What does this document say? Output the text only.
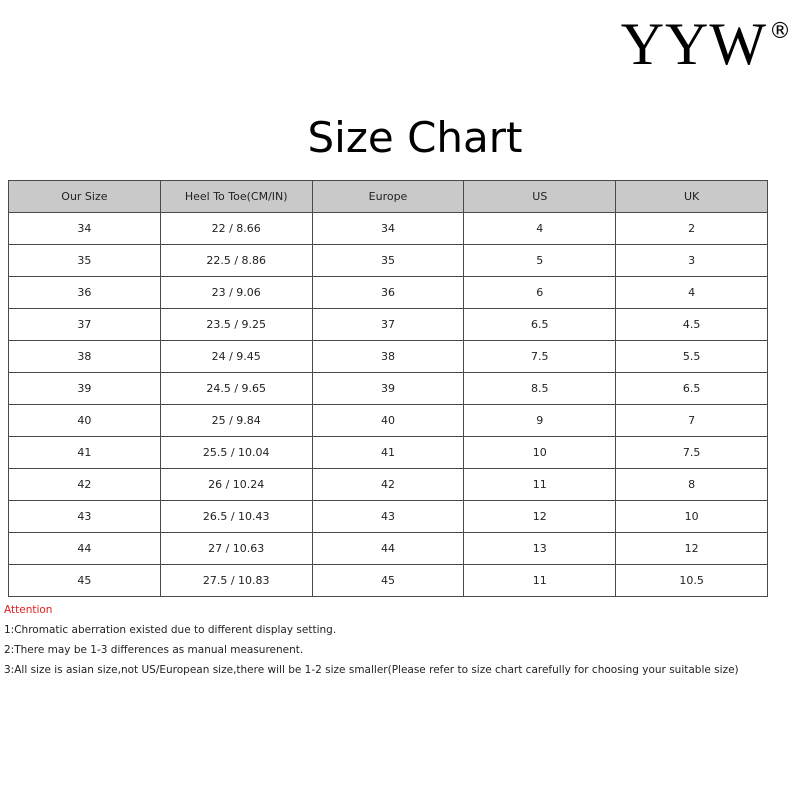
YYW®
Size Chart
Our Size	Heel To Toe(CM/IN)	Europe	US	UK
34	22 / 8.66	34	4	2
35	22.5 / 8.86	35	5	3
36	23 / 9.06	36	6	4
37	23.5 / 9.25	37	6.5	4.5
38	24 / 9.45	38	7.5	5.5
39	24.5 / 9.65	39	8.5	6.5
40	25 / 9.84	40	9	7
41	25.5 / 10.04	41	10	7.5
42	26 / 10.24	42	11	8
43	26.5 / 10.43	43	12	10
44	27 / 10.63	44	13	12
45	27.5 / 10.83	45	11	10.5
Attention
1:Chromatic aberration existed due to different display setting.
2:There may be 1-3 differences as manual measurenent.
3:All size is asian size,not US/European size,there will be 1-2 size smaller(Please refer to size chart carefully for choosing your suitable size)
